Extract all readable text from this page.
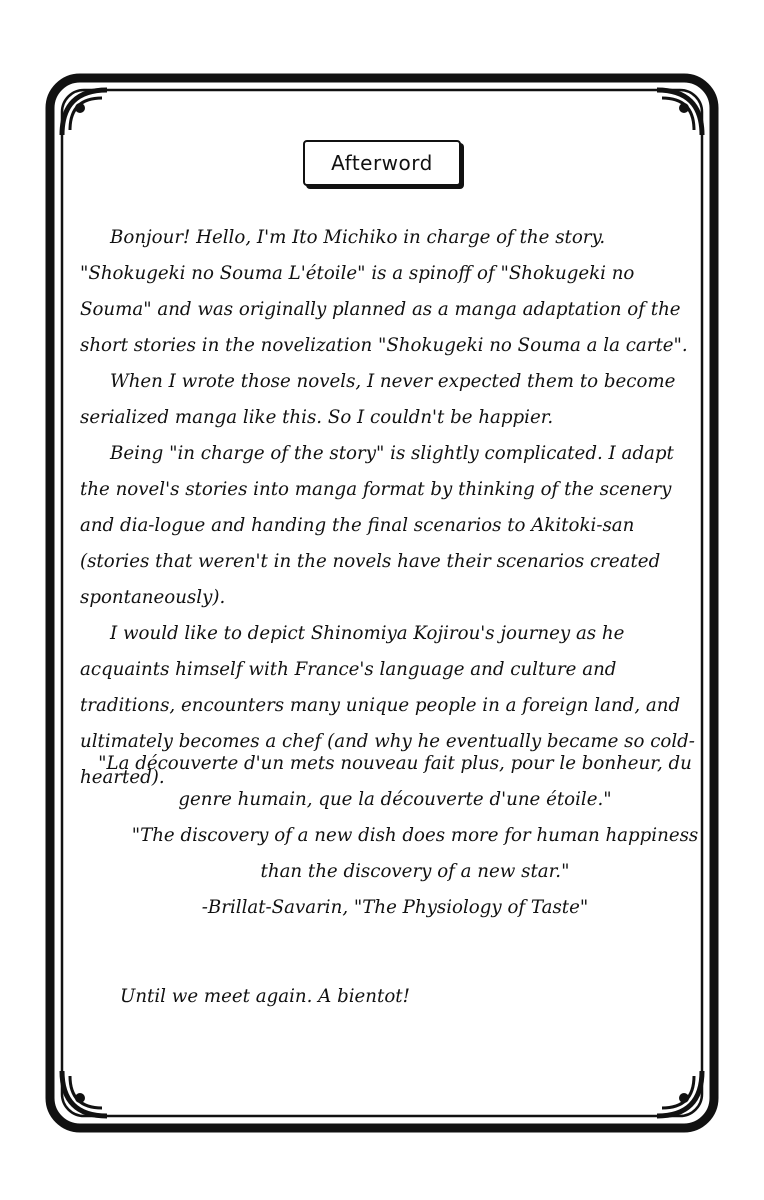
Afterword

Bonjour! Hello, I'm Ito Michiko in charge of the story. "Shokugeki no Souma L'étoile" is a spinoff of "Shokugeki no Souma" and was originally planned as a manga adaptation of the short stories in the novelization "Shokugeki no Souma a la carte".

When I wrote those novels, I never expected them to become serialized manga like this. So I couldn't be happier.

Being "in charge of the story" is slightly complicated. I adapt the novel's stories into manga format by thinking of the scenery and dia-logue and handing the final scenarios to Akitoki-san (stories that weren't in the novels have their scenarios created spontaneously).

I would like to depict Shinomiya Kojirou's journey as he acquaints himself with France's language and culture and traditions, encounters many unique people in a foreign land, and ultimately becomes a chef (and why he eventually became so cold-hearted).

"La découverte d'un mets nouveau fait plus, pour le bonheur, du genre humain, que la découverte d'une étoile."

"The discovery of a new dish does more for human happiness than the discovery of a new star."

-Brillat-Savarin, "The Physiology of Taste"

Until we meet again. A bientot!
